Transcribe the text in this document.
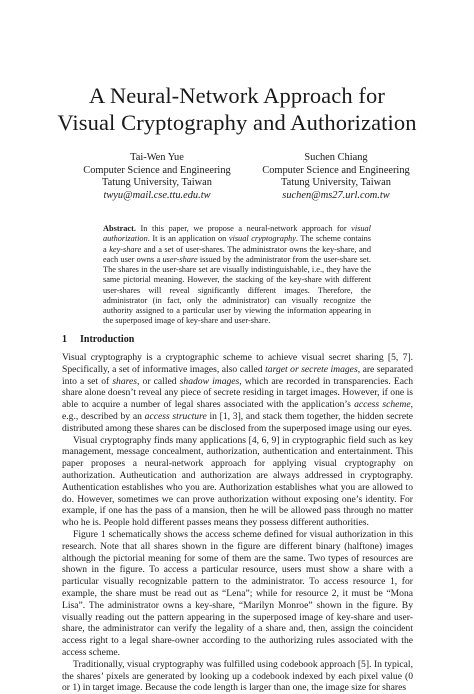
A Neural-Network Approach for
Visual Cryptography and Authorization
Tai-Wen Yue
Computer Science and Engineering
Tatung University, Taiwan
twyu@mail.cse.ttu.edu.tw
Suchen Chiang
Computer Science and Engineering
Tatung University, Taiwan
suchen@ms27.url.com.tw
Abstract. In this paper, we propose a neural-network approach for visual authorization. It is an application on visual cryptography. The scheme contains a key-share and a set of user-shares. The administrator owns the key-share, and each user owns a user-share issued by the administrator from the user-share set. The shares in the user-share set are visually indistinguishable, i.e., they have the same pictorial meaning. However, the stacking of the key-share with different user-shares will reveal significantly different images. Therefore, the administrator (in fact, only the administrator) can visually recognize the authority assigned to a particular user by viewing the information appearing in the superposed image of key-share and user-share.
1 Introduction

Visual cryptography is a cryptographic scheme to achieve visual secret sharing [5, 7]. Specifically, a set of informative images, also called target or secrete images, are separated into a set of shares, or called shadow images, which are recorded in transparencies. Each share alone doesn’t reveal any piece of secrete residing in target images. However, if one is able to acquire a number of legal shares associated with the application’s access scheme, e.g., described by an access structure in [1, 3], and stack them together, the hidden secrete distributed among these shares can be disclosed from the superposed image using our eyes.

Visual cryptography finds many applications [4, 6, 9] in cryptographic field such as key management, message concealment, authorization, authentication and entertainment. This paper proposes a neural-network approach for applying visual cryptography on authorization. Autheutication and authorization are always addressed in cryptography. Authentication establishes who you are. Authorization establishes what you are allowed to do. However, sometimes we can prove authorization without exposing one’s identity. For example, if one has the pass of a mansion, then he will be allowed pass through no matter who he is. People hold different passes means they possess different authorities.

Figure 1 schematically shows the access scheme defined for visual authorization in this research. Note that all shares shown in the figure are different binary (halftone) images although the pictorial meaning for some of them are the same. Two types of resources are shown in the figure. To access a particular resource, users must show a share with a particular visually recognizable pattern to the administrator. To access resource 1, for example, the share must be read out as “Lena”; while for resource 2, it must be “Mona Lisa”. The administrator owns a key-share, “Marilyn Monroe” shown in the figure. By visually reading out the pattern appearing in the superposed image of key-share and user-share, the administrator can verify the legality of a share and, then, assign the coincident access right to a legal share-owner according to the authorizing rules associated with the access scheme.

Traditionally, visual cryptography was fulfilled using codebook approach [5]. In typical, the shares’ pixels are generated by looking up a codebook indexed by each pixel value (0 or 1) in target image. Because the code length is larger than one, the image size for shares
